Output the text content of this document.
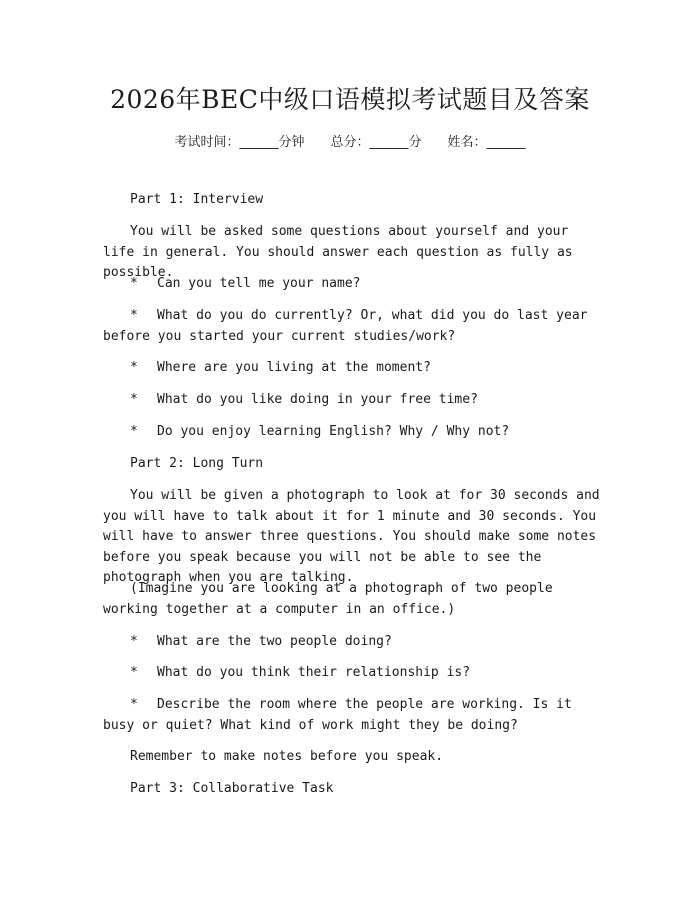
2026年BEC中级口语模拟考试题目及答案
考试时间：______分钟 总分：______分 姓名：______

Part 1: Interview

You will be asked some questions about yourself and your life in general. You should answer each question as fully as possible.

* Can you tell me your name?

* What do you do currently? Or, what did you do last year before you started your current studies/work?

* Where are you living at the moment?

* What do you like doing in your free time?

* Do you enjoy learning English? Why / Why not?

Part 2: Long Turn

You will be given a photograph to look at for 30 seconds and you will have to talk about it for 1 minute and 30 seconds. You will have to answer three questions. You should make some notes before you speak because you will not be able to see the photograph when you are talking.

(Imagine you are looking at a photograph of two people working together at a computer in an office.)

* What are the two people doing?

* What do you think their relationship is?

* Describe the room where the people are working. Is it busy or quiet? What kind of work might they be doing?

Remember to make notes before you speak.

Part 3: Collaborative Task
